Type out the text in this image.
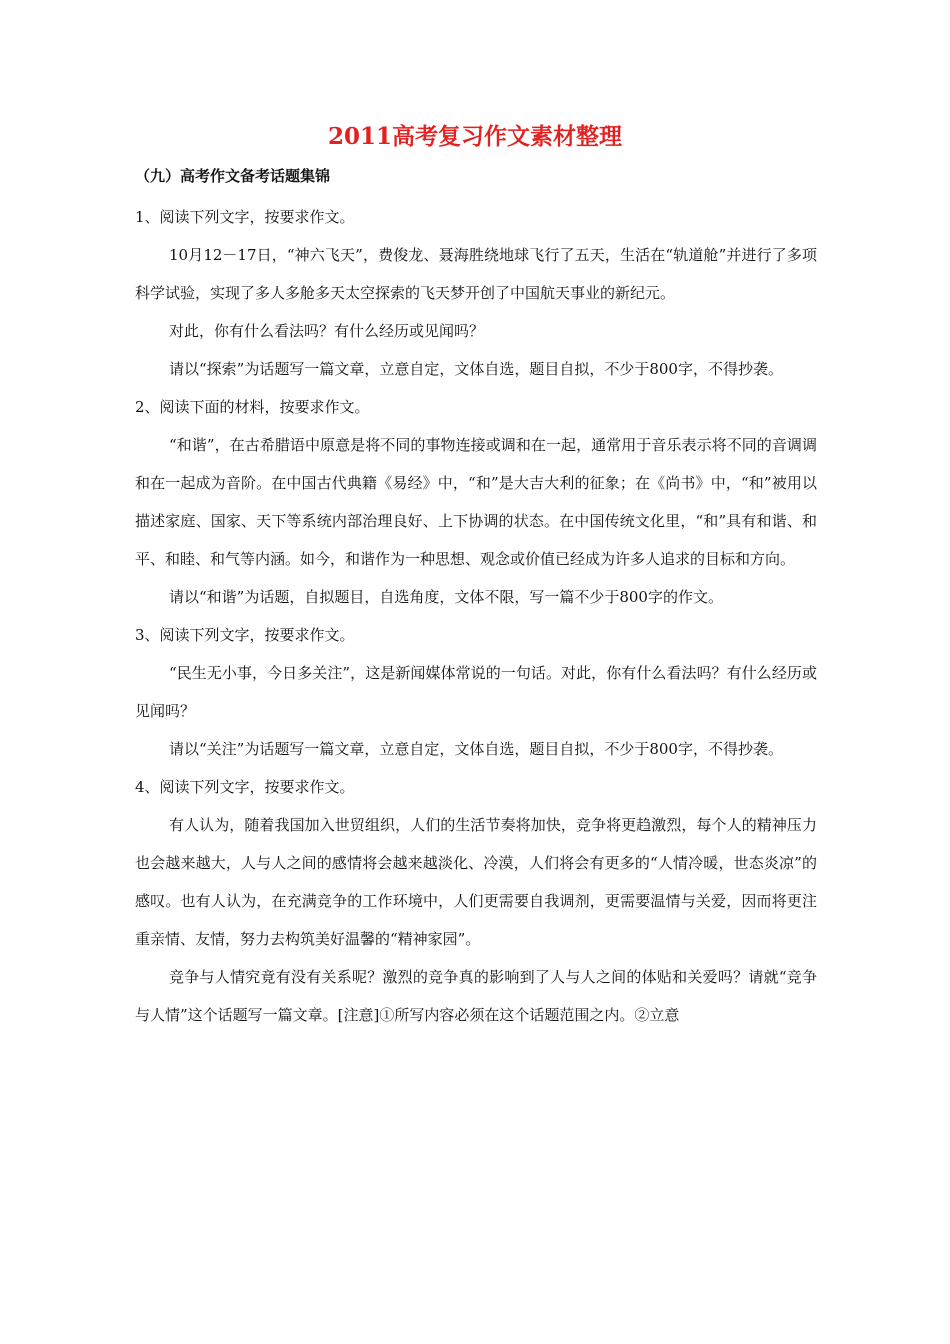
2011高考复习作文素材整理
（九）高考作文备考话题集锦

1、阅读下列文字，按要求作文。

10月12－17日，“神六飞天”，费俊龙、聂海胜绕地球飞行了五天，生活在“轨道舱”并进行了多项科学试验，实现了多人多舱多天太空探索的飞天梦开创了中国航天事业的新纪元。

对此，你有什么看法吗？有什么经历或见闻吗？

请以“探索”为话题写一篇文章，立意自定，文体自选，题目自拟，不少于800字，不得抄袭。

2、阅读下面的材料，按要求作文。

“和谐”，在古希腊语中原意是将不同的事物连接或调和在一起，通常用于音乐表示将不同的音调调和在一起成为音阶。在中国古代典籍《易经》中，“和”是大吉大利的征象；在《尚书》中，“和”被用以描述家庭、国家、天下等系统内部治理良好、上下协调的状态。在中国传统文化里，“和”具有和谐、和平、和睦、和气等内涵。如今，和谐作为一种思想、观念或价值已经成为许多人追求的目标和方向。

请以“和谐”为话题，自拟题目，自选角度，文体不限，写一篇不少于800字的作文。

3、阅读下列文字，按要求作文。

“民生无小事，今日多关注”，这是新闻媒体常说的一句话。对此，你有什么看法吗？有什么经历或见闻吗？

请以“关注”为话题写一篇文章，立意自定，文体自选，题目自拟，不少于800字，不得抄袭。

4、阅读下列文字，按要求作文。

有人认为，随着我国加入世贸组织，人们的生活节奏将加快，竞争将更趋激烈，每个人的精神压力也会越来越大，人与人之间的感情将会越来越淡化、冷漠，人们将会有更多的“人情冷暖，世态炎凉”的感叹。也有人认为，在充满竞争的工作环境中，人们更需要自我调剂，更需要温情与关爱，因而将更注重亲情、友情，努力去构筑美好温馨的“精神家园”。

竞争与人情究竟有没有关系呢？激烈的竞争真的影响到了人与人之间的体贴和关爱吗？请就“竞争与人情”这个话题写一篇文章。[注意]①所写内容必须在这个话题范围之内。②立意
